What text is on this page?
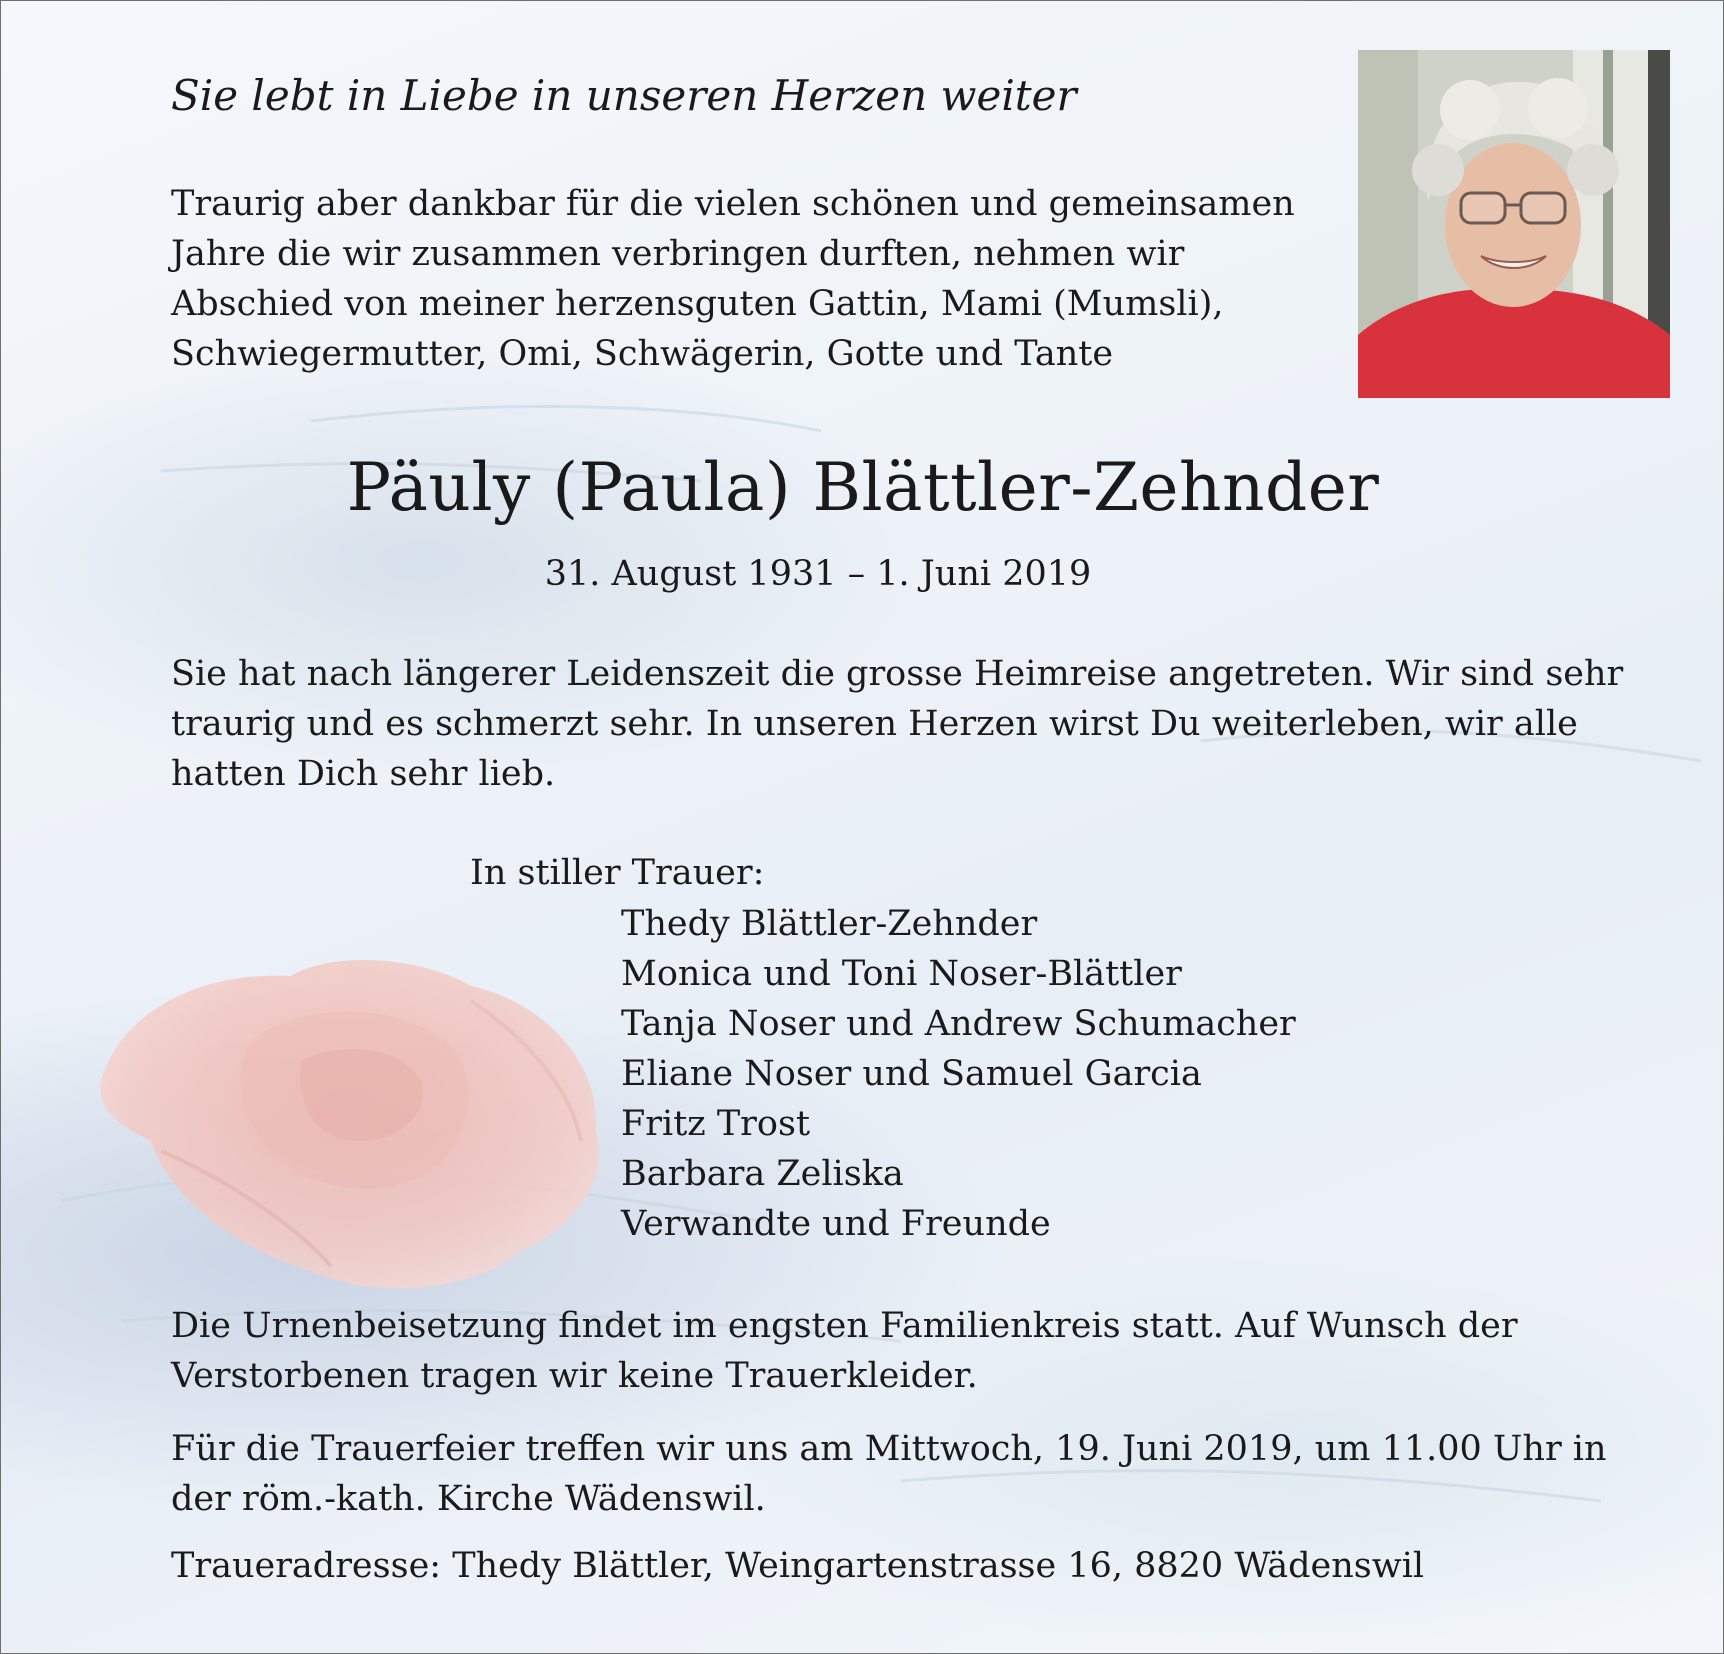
Sie lebt in Liebe in unseren Herzen weiter
Traurig aber dankbar für die vielen schönen und gemeinsamen
Jahre die wir zusammen verbringen durften, nehmen wir
Abschied von meiner herzensguten Gattin, Mami (Mumsli),
Schwiegermutter, Omi, Schwägerin, Gotte und Tante
Päuly (Paula) Blättler-Zehnder
31. August 1931 – 1. Juni 2019
Sie hat nach längerer Leidenszeit die grosse Heimreise angetreten. Wir sind sehr
traurig und es schmerzt sehr. In unseren Herzen wirst Du weiterleben, wir alle
hatten Dich sehr lieb.
In stiller Trauer:
Thedy Blättler-Zehnder
Monica und Toni Noser-Blättler
Tanja Noser und Andrew Schumacher
Eliane Noser und Samuel Garcia
Fritz Trost
Barbara Zeliska
Verwandte und Freunde
Die Urnenbeisetzung findet im engsten Familienkreis statt. Auf Wunsch der
Verstorbenen tragen wir keine Trauerkleider.
Für die Trauerfeier treffen wir uns am Mittwoch, 19. Juni 2019, um 11.00 Uhr in
der röm.-kath. Kirche Wädenswil.
Traueradresse: Thedy Blättler, Weingartenstrasse 16, 8820 Wädenswil
